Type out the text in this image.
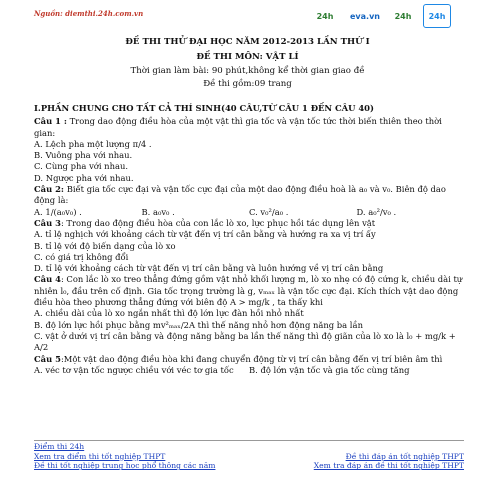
Nguồn: diemthi.24h.com.vn	24h	eva.vn	24h	24h
ĐỀ THI THỬ ĐẠI HỌC NĂM 2012-2013 LẦN THỨ I
ĐỀ THI MÔN: VẬT LÍ
Thời gian làm bài: 90 phút,không kể thời gian giao đề
Đề thi gồm:09 trang
I.PHẦN CHUNG CHO TẤT CẢ THÍ SINH(40 CÂU,TỪ CÂU 1 ĐẾN CÂU 40)
Câu 1 : Trong dao động điều hòa của một vật thì gia tốc và vận tốc tức thời biến thiên theo thời gian:
A. Lệch pha một lượng π/4 .
B. Vuông pha với nhau.
C. Cùng pha với nhau.
D. Ngược pha với nhau.
Câu 2: Biết gia tốc cực đại và vận tốc cực đại của một dao động điều hoà là a₀ và v₀. Biên độ dao động là:
A. 1/(a₀v₀) .	B. a₀v₀ .	C. v₀²/a₀ .	D. a₀²/v₀ .
Câu 3: Trong dao động điều hòa của con lắc lò xo, lực phục hồi tác dụng lên vật
A. tỉ lệ nghịch với khoảng cách từ vật đến vị trí cân bằng và hướng ra xa vị trí ấy
B. tỉ lệ với độ biến dạng của lò xo
C. có giá trị không đổi
D. tỉ lệ với khoảng cách từ vật đến vị trí cân bằng và luôn hướng về vị trí cân bằng
Câu 4: Con lắc lò xo treo thẳng đứng gồm vật nhỏ khối lượng m, lò xo nhẹ có độ cứng k, chiều dài tự nhiên l₀, đầu trên cố định. Gia tốc trọng trường là g, vₘₐₓ là vận tốc cực đại. Kích thích vật dao động điều hòa theo phương thẳng đứng với biên độ A > mg/k , ta thấy khi
A. chiều dài của lò xo ngắn nhất thì độ lớn lực đàn hồi nhỏ nhất
B. độ lớn lực hồi phục bằng mv²ₘₐₓ/2A thì thế năng nhỏ hơn động năng ba lần
C. vật ở dưới vị trí cân bằng và động năng bằng ba lần thế năng thì độ giãn của lò xo là l₀ + mg/k + A/2
Câu 5:Một vật dao động điều hòa khi đang chuyển động từ vị trí cân bằng đến vị trí biên âm thì
A. véc tơ vận tốc ngược chiều với véc tơ gia tốc	B. độ lớn vận tốc và gia tốc cùng tăng
Điểm thi 24h
Xem tra điểm thi tốt nghiệp THPT	Đề thi đáp án tốt nghiệp THPT
Đề thi tốt nghiệp trung học phổ thông các năm	Xem tra đáp án đề thi tốt nghiệp THPT
